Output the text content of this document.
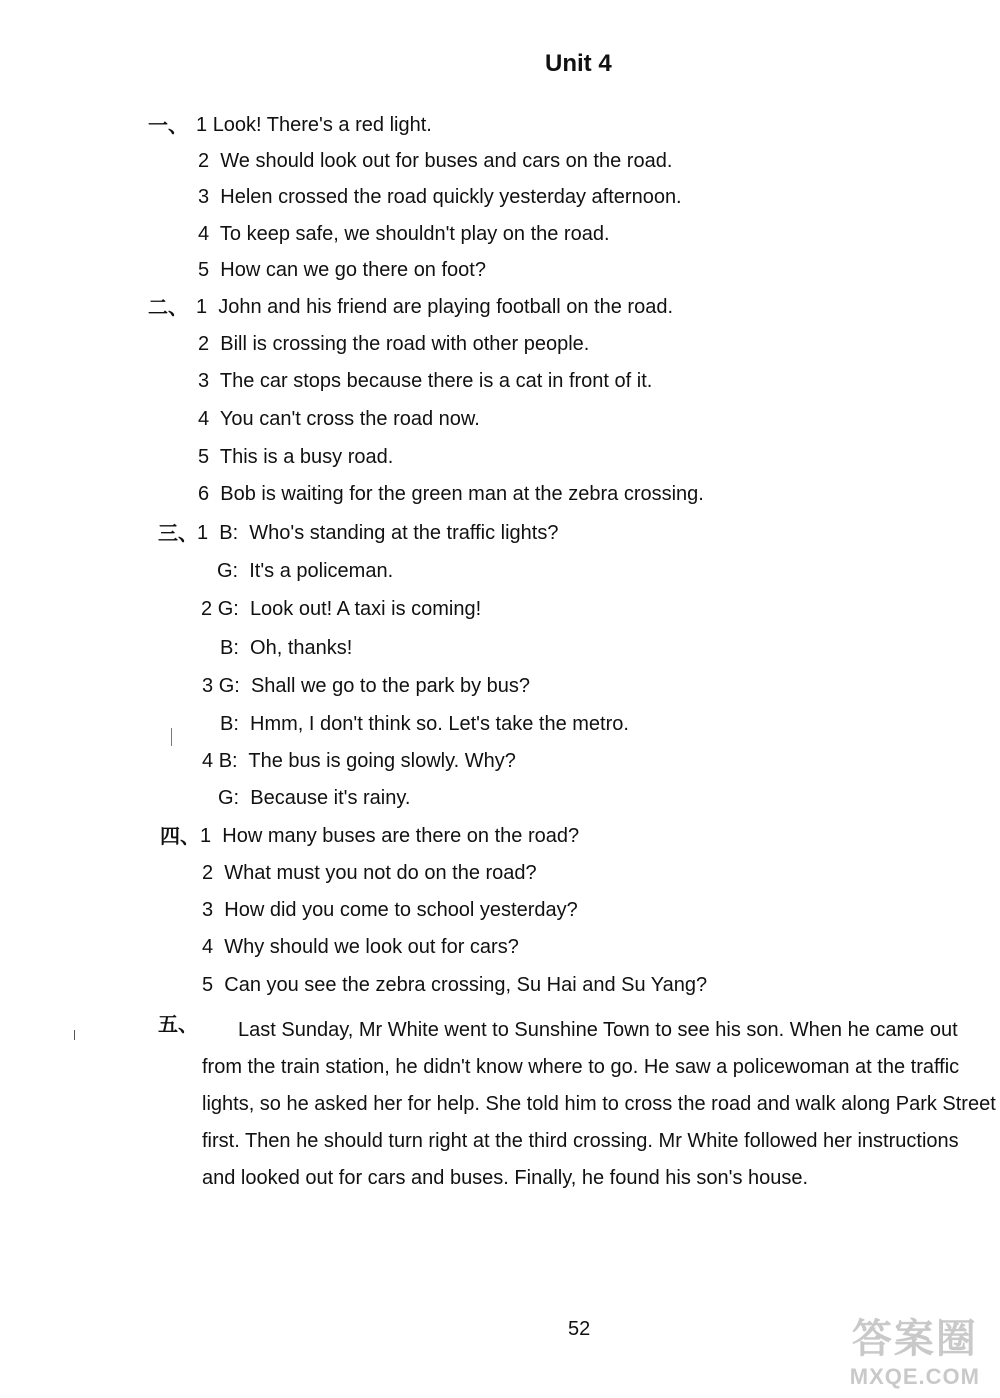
Unit 4
一、 1 Look! There's a red light.
2 We should look out for buses and cars on the road.
3 Helen crossed the road quickly yesterday afternoon.
4 To keep safe, we shouldn't play on the road.
5 How can we go there on foot?
二、 1 John and his friend are playing football on the road.
2 Bill is crossing the road with other people.
3 The car stops because there is a cat in front of it.
4 You can't cross the road now.
5 This is a busy road.
6 Bob is waiting for the green man at the zebra crossing.
三、 1 B: Who's standing at the traffic lights?
G: It's a policeman.
2 G: Look out! A taxi is coming!
B: Oh, thanks!
3 G: Shall we go to the park by bus?
B: Hmm, I don't think so. Let's take the metro.
4 B: The bus is going slowly. Why?
G: Because it's rainy.
四、 1 How many buses are there on the road?
2 What must you not do on the road?
3 How did you come to school yesterday?
4 Why should we look out for cars?
5 Can you see the zebra crossing, Su Hai and Su Yang?
五、	Last Sunday, Mr White went to Sunshine Town to see his son. When he came out

from the train station, he didn't know where to go. He saw a policewoman at the traffic

lights, so he asked her for help. She told him to cross the road and walk along Park Street

first. Then he should turn right at the third crossing. Mr White followed her instructions

and looked out for cars and buses. Finally, he found his son's house.

52	答案圈
MXQE.COM
